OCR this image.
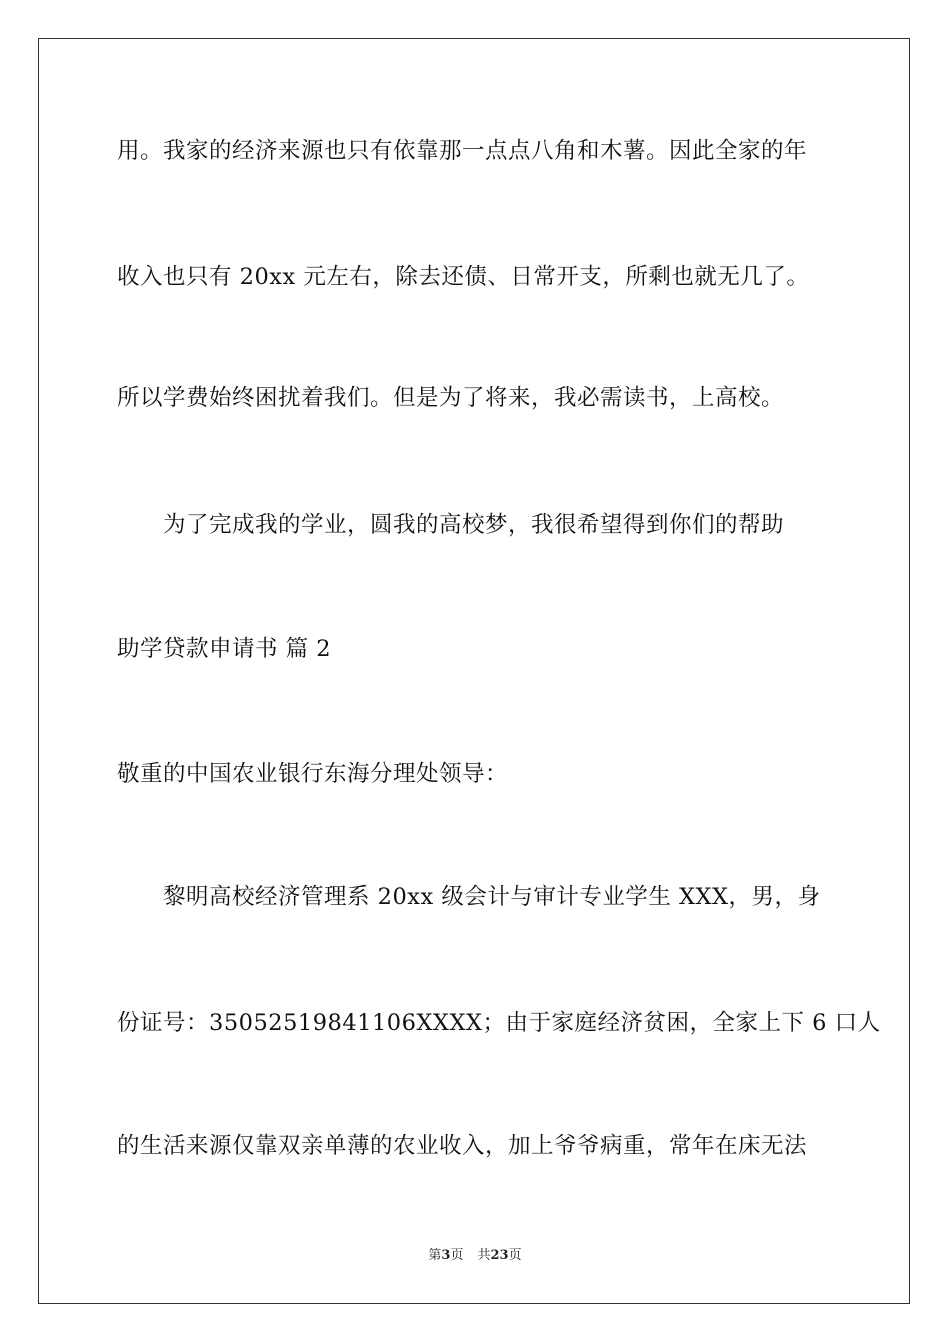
用。我家的经济来源也只有依靠那一点点八角和木薯。因此全家的年
收入也只有 20xx 元左右，除去还债、日常开支，所剩也就无几了。
所以学费始终困扰着我们。但是为了将来，我必需读书，上高校。
为了完成我的学业，圆我的高校梦，我很希望得到你们的帮助
助学贷款申请书 篇 2
敬重的中国农业银行东海分理处领导：
黎明高校经济管理系 20xx 级会计与审计专业学生 XXX，男，身
份证号：35052519841106XXXX；由于家庭经济贫困，全家上下 6 口人
的生活来源仅靠双亲单薄的农业收入，加上爷爷病重，常年在床无法
第3页 共23页
